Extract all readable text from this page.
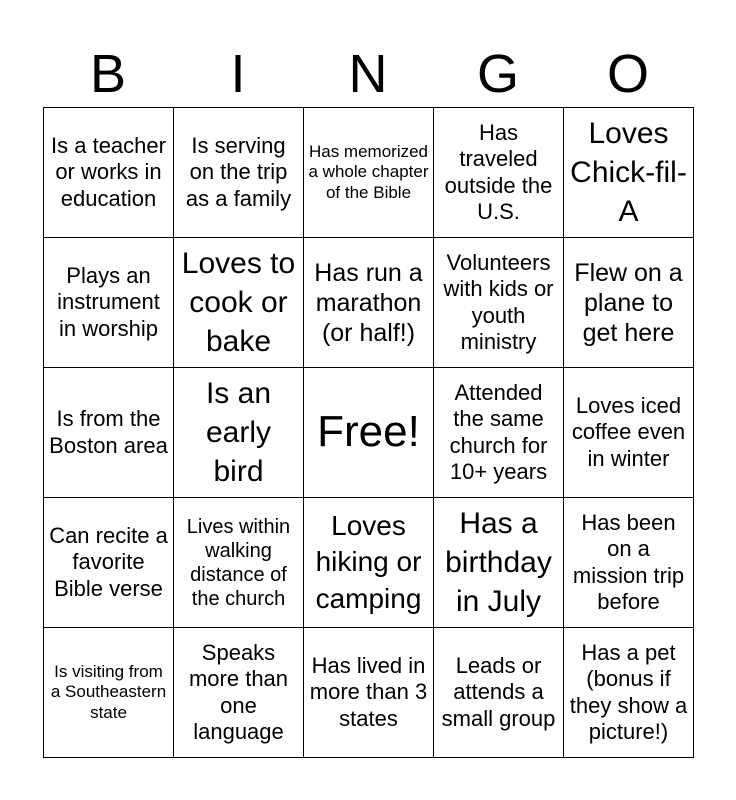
B	I	N	G	O
Is a teacher or works in education	Is serving on the trip as a family	Has memorized a whole chapter of the Bible	Has traveled outside the U.S.	Loves Chick-fil-A
Plays an instrument in worship	Loves to cook or bake	Has run a marathon (or half!)	Volunteers with kids or youth ministry	Flew on a plane to get here
Is from the Boston area	Is an early bird	Free!	Attended the same church for 10+ years	Loves iced coffee even in winter
Can recite a favorite Bible verse	Lives within walking distance of the church	Loves hiking or camping	Has a birthday in July	Has been on a mission trip before
Is visiting from a Southeastern state	Speaks more than one language	Has lived in more than 3 states	Leads or attends a small group	Has a pet (bonus if they show a picture!)
